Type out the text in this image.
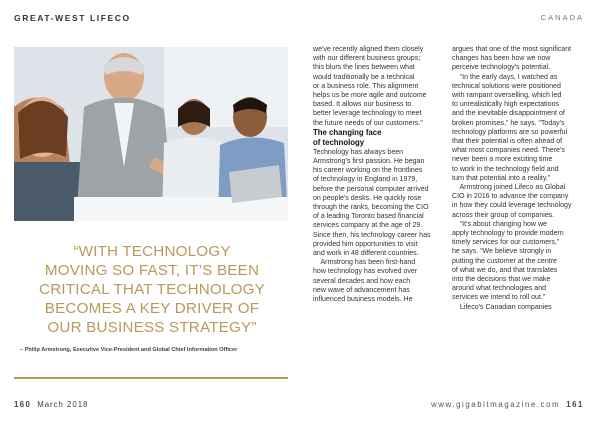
GREAT-WEST LIFECO	CANADA
“WITH TECHNOLOGY
MOVING SO FAST, IT’S BEEN
CRITICAL THAT TECHNOLOGY
BECOMES A KEY DRIVER OF
OUR BUSINESS STRATEGY”
– Philip Armstrong, Executive Vice-President and Global Chief Information Officer

we've recently aligned them closely

with our different business groups;

this blurs the lines between what

would traditionally be a technical

or a business role. This alignment

helps us be more agile and outcome

based. It allows our business to

better leverage technology to meet

the future needs of our customers.”

The changing face

of technology

Technology has always been

Armstrong's first passion. He began

his career working on the frontlines

of technology in England in 1979,

before the personal computer arrived

on people's desks. He quickly rose

through the ranks, becoming the CIO

of a leading Toronto based financial

services company at the age of 29.

Since then, his technology career has

provided him opportunities to visit

and work in 48 different countries.

Armstrong has been first-hand

how technology has evolved over

several decades and how each

new wave of advancement has

influenced business models. He

argues that one of the most significant

changes has been how we now

perceive technology's potential.

“In the early days, I watched as

technical solutions were positioned

with rampant overselling, which led

to unrealistically high expectations

and the inevitable disappointment of

broken promises,” he says. “Today's

technology platforms are so powerful

that their potential is often ahead of

what most companies need. There's

never been a more exciting time

to work in the technology field and

turn that potential into a reality.”

Armstrong joined Lifeco as Global

CIO in 2016 to advance the company

in how they could leverage technology

across their group of companies.

“It's about changing how we

apply technology to provide modern

timely services for our customers,”

he says. “We believe strongly in

putting the customer at the centre

of what we do, and that translates

into the decisions that we make

around what technologies and

services we intend to roll out.”

Lifeco's Canadian companies

160 March 2018	www.gigabitmagazine.com 161
